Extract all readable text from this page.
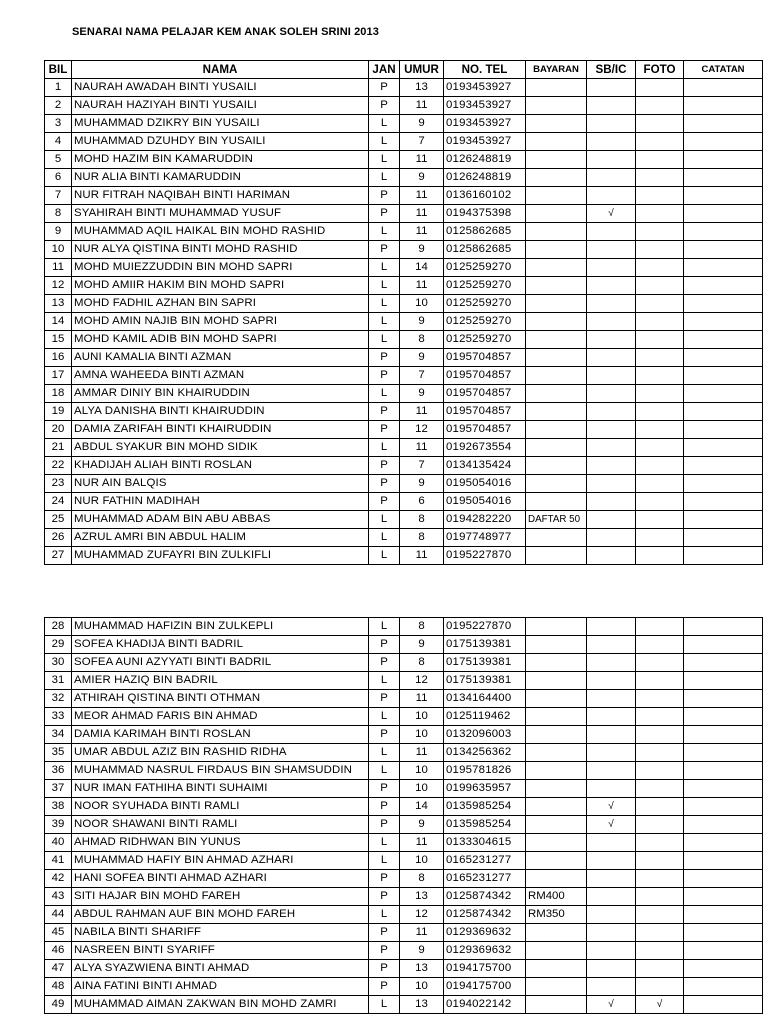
SENARAI NAMA PELAJAR KEM ANAK SOLEH SRINI 2013
BIL	NAMA	JAN	UMUR	NO. TEL	BAYARAN	SB/IC	FOTO	CATATAN
1	NAURAH AWADAH BINTI YUSAILI	P	13	0193453927				
2	NAURAH HAZIYAH BINTI YUSAILI	P	11	0193453927				
3	MUHAMMAD DZIKRY BIN YUSAILI	L	9	0193453927				
4	MUHAMMAD DZUHDY BIN YUSAILI	L	7	0193453927				
5	MOHD HAZIM BIN KAMARUDDIN	L	11	0126248819				
6	NUR ALIA BINTI KAMARUDDIN	L	9	0126248819				
7	NUR FITRAH NAQIBAH BINTI HARIMAN	P	11	0136160102				
8	SYAHIRAH BINTI MUHAMMAD YUSUF	P	11	0194375398		√		
9	MUHAMMAD AQIL HAIKAL BIN MOHD RASHID	L	11	0125862685				
10	NUR ALYA QISTINA BINTI MOHD RASHID	P	9	0125862685				
11	MOHD MUIEZZUDDIN BIN MOHD SAPRI	L	14	0125259270				
12	MOHD AMIIR HAKIM BIN MOHD SAPRI	L	11	0125259270				
13	MOHD FADHIL AZHAN BIN SAPRI	L	10	0125259270				
14	MOHD AMIN NAJIB BIN MOHD SAPRI	L	9	0125259270				
15	MOHD KAMIL ADIB BIN MOHD SAPRI	L	8	0125259270				
16	AUNI KAMALIA BINTI AZMAN	P	9	0195704857				
17	AMNA WAHEEDA BINTI AZMAN	P	7	0195704857				
18	AMMAR DINIY BIN KHAIRUDDIN	L	9	0195704857				
19	ALYA DANISHA BINTI KHAIRUDDIN	P	11	0195704857				
20	DAMIA ZARIFAH BINTI KHAIRUDDIN	P	12	0195704857				
21	ABDUL SYAKUR BIN MOHD SIDIK	L	11	0192673554				
22	KHADIJAH ALIAH BINTI ROSLAN	P	7	0134135424				
23	NUR AIN BALQIS	P	9	0195054016				
24	NUR FATHIN MADIHAH	P	6	0195054016				
25	MUHAMMAD ADAM BIN ABU ABBAS	L	8	0194282220	DAFTAR 50			
26	AZRUL AMRI BIN ABDUL HALIM	L	8	0197748977				
27	MUHAMMAD ZUFAYRI BIN ZULKIFLI	L	11	0195227870				
28	MUHAMMAD HAFIZIN BIN ZULKEPLI	L	8	0195227870				
29	SOFEA KHADIJA BINTI BADRIL	P	9	0175139381				
30	SOFEA AUNI AZYYATI BINTI BADRIL	P	8	0175139381				
31	AMIER HAZIQ BIN BADRIL	L	12	0175139381				
32	ATHIRAH QISTINA BINTI OTHMAN	P	11	0134164400				
33	MEOR AHMAD FARIS BIN AHMAD	L	10	0125119462				
34	DAMIA KARIMAH BINTI ROSLAN	P	10	0132096003				
35	UMAR ABDUL AZIZ BIN RASHID RIDHA	L	11	0134256362				
36	MUHAMMAD NASRUL FIRDAUS BIN SHAMSUDDIN	L	10	0195781826				
37	NUR IMAN FATHIHA BINTI SUHAIMI	P	10	0199635957				
38	NOOR SYUHADA BINTI RAMLI	P	14	0135985254		√		
39	NOOR SHAWANI BINTI RAMLI	P	9	0135985254		√		
40	AHMAD RIDHWAN BIN YUNUS	L	11	0133304615				
41	MUHAMMAD HAFIY BIN AHMAD AZHARI	L	10	0165231277				
42	HANI SOFEA BINTI AHMAD AZHARI	P	8	0165231277				
43	SITI HAJAR BIN MOHD FAREH	P	13	0125874342	RM400			
44	ABDUL RAHMAN AUF BIN MOHD FAREH	L	12	0125874342	RM350			
45	NABILA BINTI SHARIFF	P	11	0129369632				
46	NASREEN BINTI SYARIFF	P	9	0129369632				
47	ALYA SYAZWIENA BINTI AHMAD	P	13	0194175700				
48	AINA FATINI BINTI AHMAD	P	10	0194175700				
49	MUHAMMAD AIMAN ZAKWAN BIN MOHD ZAMRI	L	13	0194022142		√	√	
